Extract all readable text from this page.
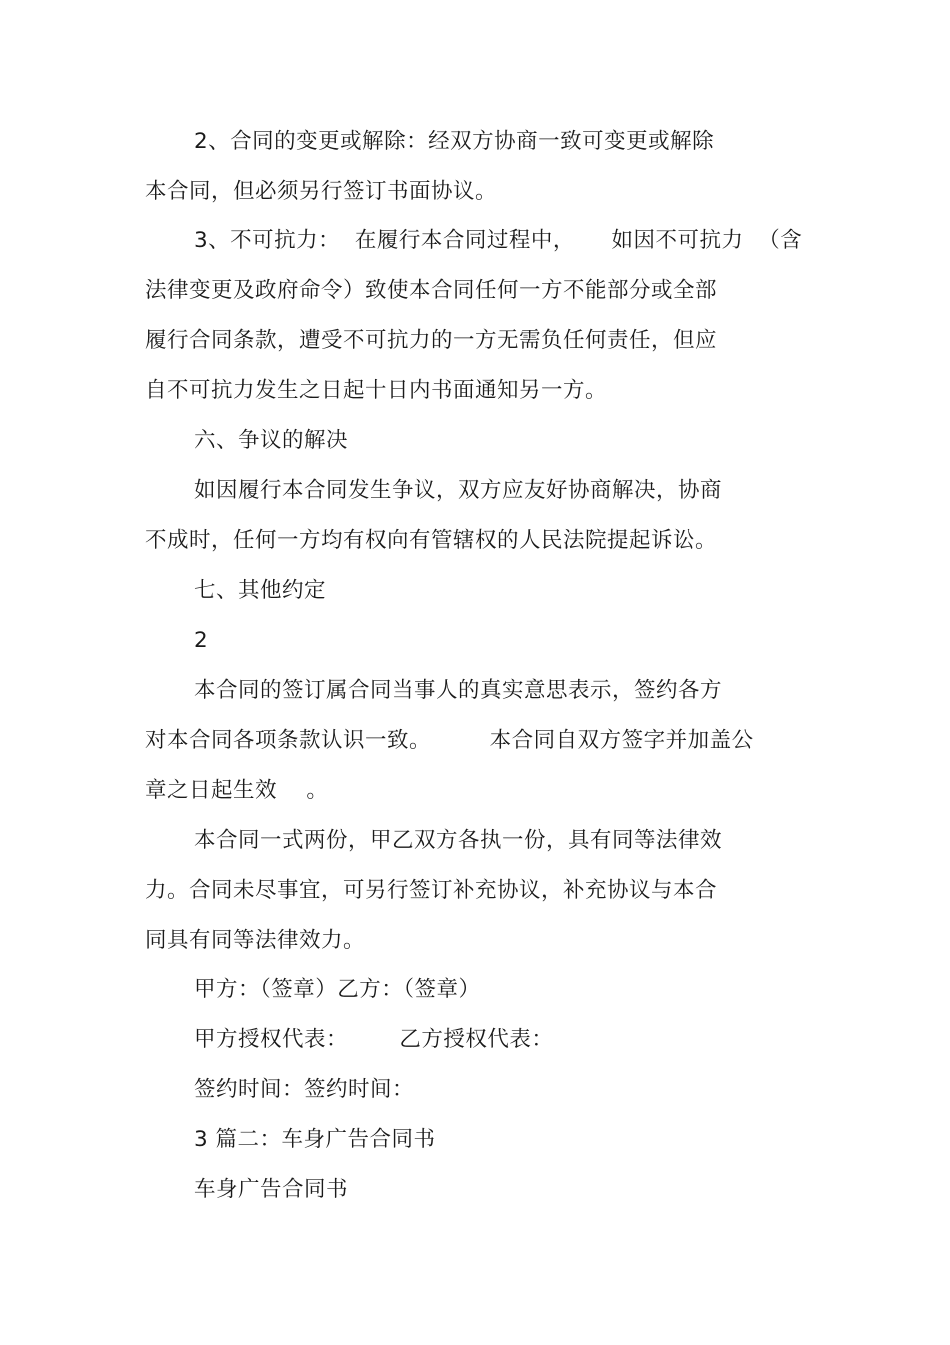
2、合同的变更或解除：经双方协商一致可变更或解除
本合同，但必须另行签订书面协议。
3、不可抗力：  在履行本合同过程中，     如因不可抗力  （含
法律变更及政府命令）致使本合同任何一方不能部分或全部
履行合同条款，遭受不可抗力的一方无需负任何责任，但应
自不可抗力发生之日起十日内书面通知另一方。
六、争议的解决
如因履行本合同发生争议，双方应友好协商解决，协商
不成时，任何一方均有权向有管辖权的人民法院提起诉讼。
七、其他约定
2
本合同的签订属合同当事人的真实意思表示，签约各方
对本合同各项条款认识一致。        本合同自双方签字并加盖公
章之日起生效    。
本合同一式两份，甲乙双方各执一份，具有同等法律效
力。合同未尽事宜，可另行签订补充协议，补充协议与本合
同具有同等法律效力。
甲方：（签章）乙方：（签章）
甲方授权代表：       乙方授权代表：
签约时间：签约时间：
3 篇二：车身广告合同书
车身广告合同书
